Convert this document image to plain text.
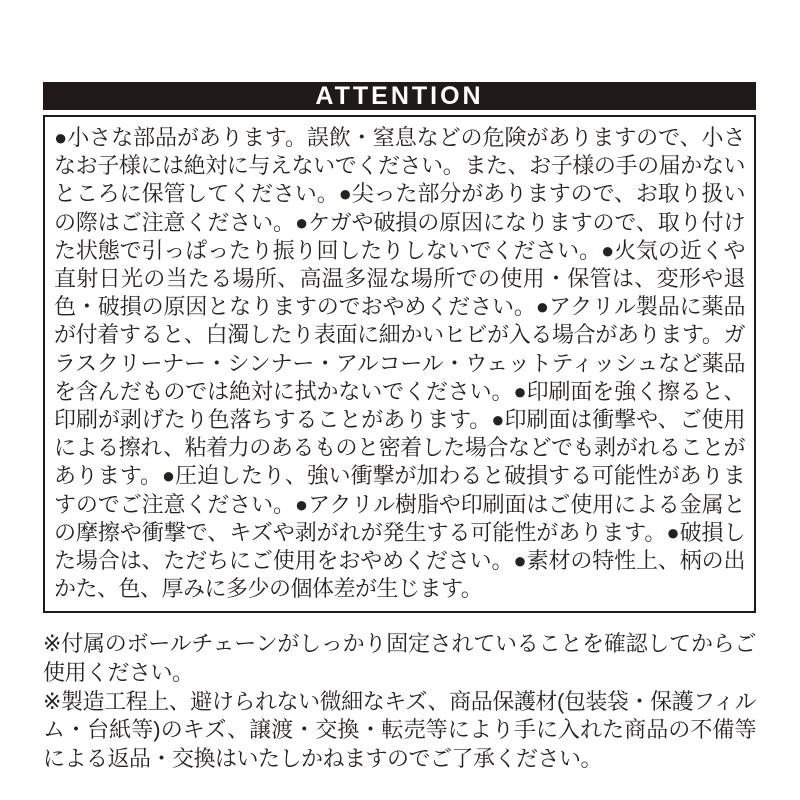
ATTENTION

●小さな部品があります。誤飲・窒息などの危険がありますので、小さなお子様には絶対に与えないでください。また、お子様の手の届かないところに保管してください。●尖った部分がありますので、お取り扱いの際はご注意ください。●ケガや破損の原因になりますので、取り付けた状態で引っぱったり振り回したりしないでください。●火気の近くや直射日光の当たる場所、高温多湿な場所での使用・保管は、変形や退色・破損の原因となりますのでおやめください。●アクリル製品に薬品が付着すると、白濁したり表面に細かいヒビが入る場合があります。ガラスクリーナー・シンナー・アルコール・ウェットティッシュなど薬品を含んだものでは絶対に拭かないでください。●印刷面を強く擦ると、印刷が剥げたり色落ちすることがあります。●印刷面は衝撃や、ご使用による擦れ、粘着力のあるものと密着した場合などでも剥がれることがあります。●圧迫したり、強い衝撃が加わると破損する可能性がありますのでご注意ください。●アクリル樹脂や印刷面はご使用による金属との摩擦や衝撃で、キズや剥がれが発生する可能性があります。●破損した場合は、ただちにご使用をおやめください。●素材の特性上、柄の出かた、色、厚みに多少の個体差が生じます。

※付属のボールチェーンがしっかり固定されていることを確認してからご使用ください。

※製造工程上、避けられない微細なキズ、商品保護材(包装袋・保護フィルム・台紙等)のキズ、譲渡・交換・転売等により手に入れた商品の不備等による返品・交換はいたしかねますのでご了承ください。
